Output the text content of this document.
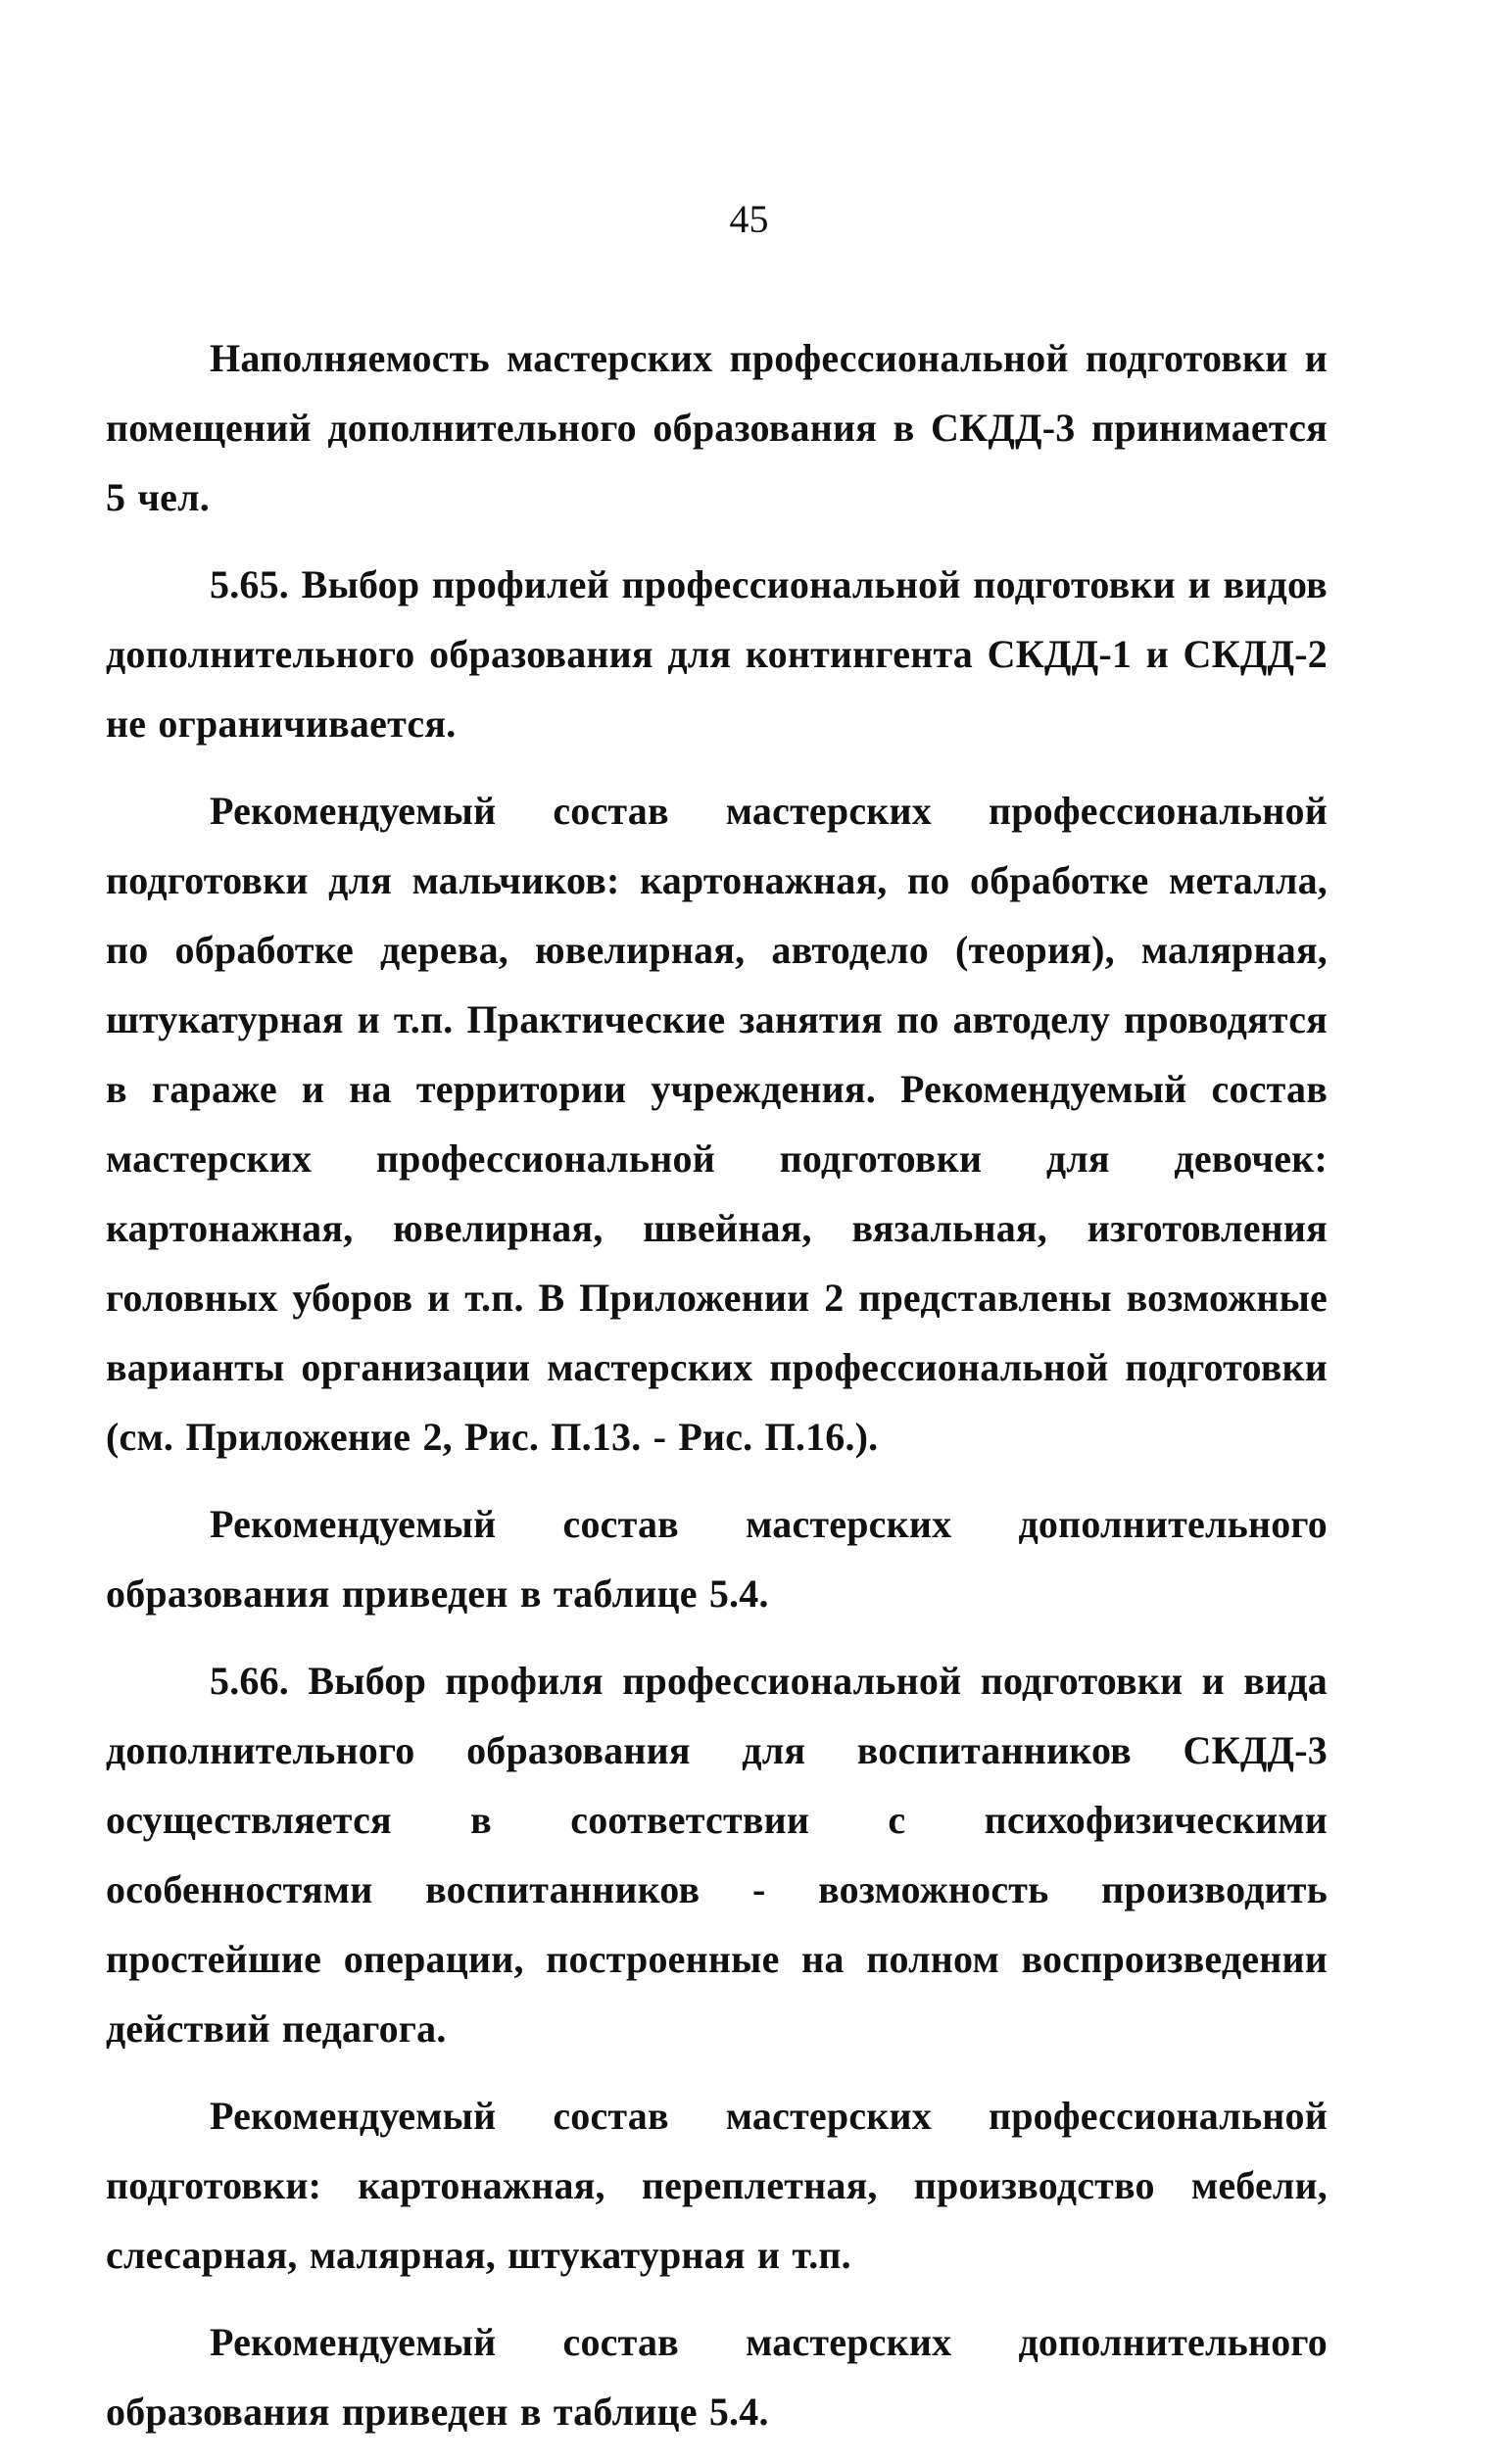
45

Наполняемость мастерских профессиональной подготовки и помещений дополнительного образования в СКДД-3 принимается 5 чел.

5.65. Выбор профилей профессиональной подготовки и видов дополнительного образования для контингента СКДД-1 и СКДД-2 не ограничивается.

Рекомендуемый состав мастерских профессиональной подготовки для мальчиков: картонажная, по обработке металла, по обработке дерева, ювелирная, автодело (теория), малярная, штукатурная и т.п. Практические занятия по автоделу проводятся в гараже и на территории учреждения. Рекомендуемый состав мастерских профессиональной подготовки для девочек: картонажная, ювелирная, швейная, вязальная, изготовления головных уборов и т.п. В Приложении 2 представлены возможные варианты организации мастерских профессиональной подготовки (см. Приложение 2, Рис. П.13. - Рис. П.16.).

Рекомендуемый состав мастерских дополнительного образования приведен в таблице 5.4.

5.66. Выбор профиля профессиональной подготовки и вида дополнительного образования для воспитанников СКДД-3 осуществляется в соответствии с психофизическими особенностями воспитанников - возможность производить простейшие операции, построенные на полном воспроизведении действий педагога.

Рекомендуемый состав мастерских профессиональной подготовки: картонажная, переплетная, производство мебели, слесарная, малярная, штукатурная и т.п.

Рекомендуемый состав мастерских дополнительного образования приведен в таблице 5.4.
